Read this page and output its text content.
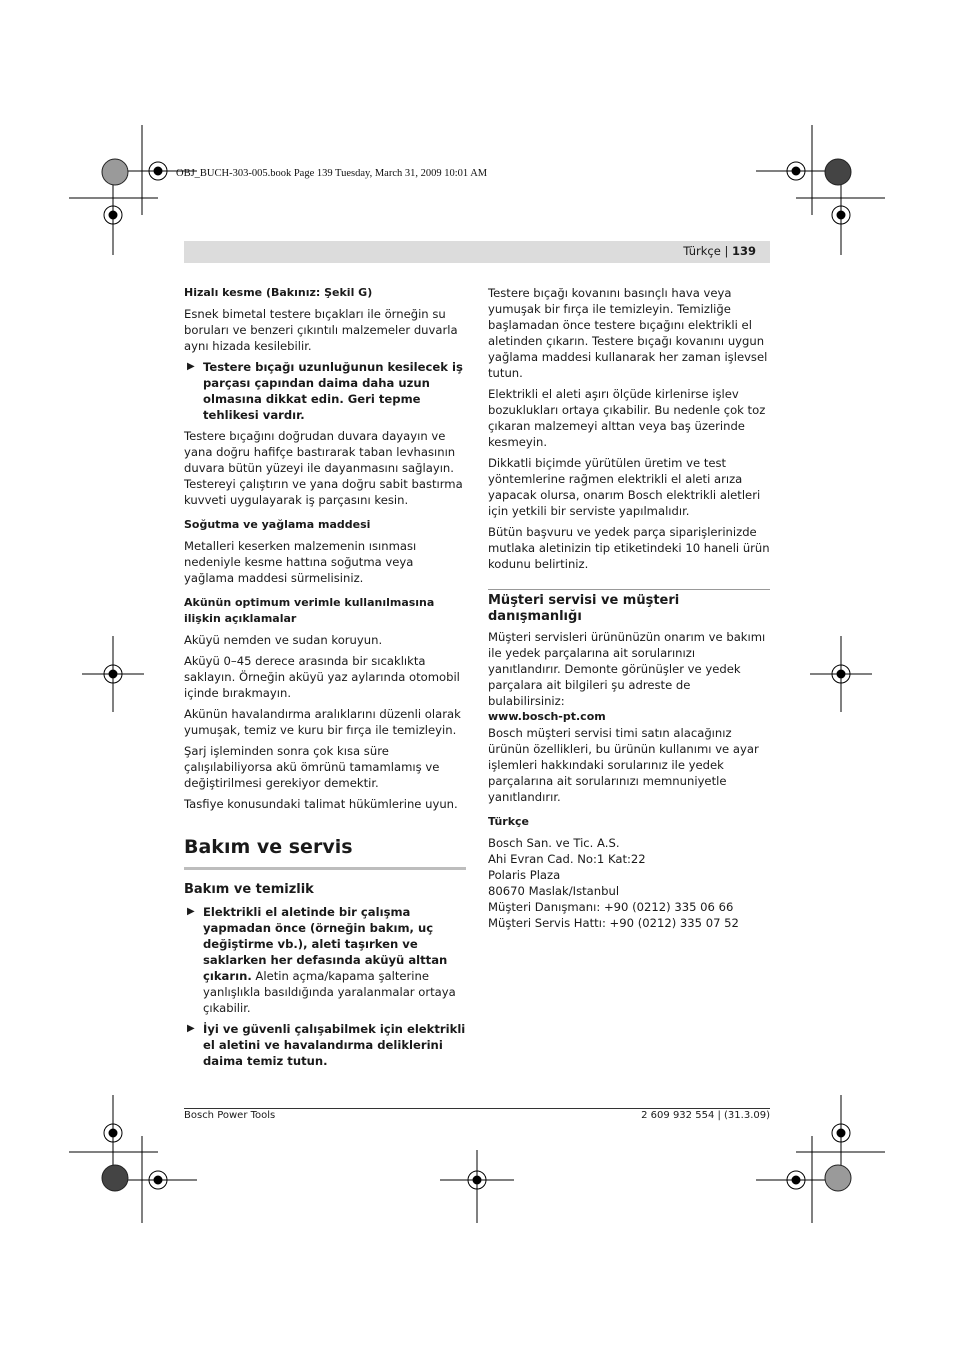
OBJ_BUCH-303-005.book Page 139 Tuesday, March 31, 2009 10:01 AM
Türkçe | 139
Hizalı kesme (Bakınız: Şekil G)

Esnek bimetal testere bıçakları ile örneğin su boruları ve benzeri çıkıntılı malzemeler duvarla aynı hizada kesilebilir.

▶ Testere bıçağı uzunluğunun kesilecek iş parçası çapından daima daha uzun olmasına dikkat edin. Geri tepme tehlikesi vardır.

Testere bıçağını doğrudan duvara dayayın ve yana doğru hafifçe bastırarak taban levhasının duvara bütün yüzeyi ile dayanmasını sağlayın. Testereyi çalıştırın ve yana doğru sabit bastırma kuvveti uygulayarak iş parçasını kesin.

Soğutma ve yağlama maddesi

Metalleri keserken malzemenin ısınması nedeniyle kesme hattına soğutma veya yağlama maddesi sürmelisiniz.

Akünün optimum verimle kullanılmasına ilişkin açıklamalar

Aküyü nemden ve sudan koruyun.

Aküyü 0–45 derece arasında bir sıcaklıkta saklayın. Örneğin aküyü yaz aylarında otomobil içinde bırakmayın.

Akünün havalandırma aralıklarını düzenli olarak yumuşak, temiz ve kuru bir fırça ile temizleyin.

Şarj işleminden sonra çok kısa süre çalışılabiliyorsa akü ömrünü tamamlamış ve değiştirilmesi gerekiyor demektir.

Tasfiye konusundaki talimat hükümlerine uyun.

Bakım ve servis
Bakım ve temizlik
▶ Elektrikli el aletinde bir çalışma yapmadan önce (örneğin bakım, uç değiştirme vb.), aleti taşırken ve saklarken her defasında aküyü alttan çıkarın. Aletin açma/kapama şalterine yanlışlıkla basıldığında yaralanmalar ortaya çıkabilir.
▶ İyi ve güvenli çalışabilmek için elektrikli el aletini ve havalandırma deliklerini daima temiz tutun.

Testere bıçağı kovanını basınçlı hava veya yumuşak bir fırça ile temizleyin. Temizliğe başlamadan önce testere bıçağını elektrikli el aletinden çıkarın. Testere bıçağı kovanını uygun yağlama maddesi kullanarak her zaman işlevsel tutun.

Elektrikli el aleti aşırı ölçüde kirlenirse işlev bozuklukları ortaya çıkabilir. Bu nedenle çok toz çıkaran malzemeyi alttan veya baş üzerinde kesmeyin.

Dikkatli biçimde yürütülen üretim ve test yöntemlerine rağmen elektrikli el aleti arıza yapacak olursa, onarım Bosch elektrikli aletleri için yetkili bir serviste yapılmalıdır.

Bütün başvuru ve yedek parça siparişlerinizde mutlaka aletinizin tip etiketindeki 10 haneli ürün kodunu belirtiniz.

Müşteri servisi ve müşteri danışmanlığı
Müşteri servisleri ürününüzün onarım ve bakımı ile yedek parçalarına ait sorularınızı yanıtlandırır. Demonte görünüşler ve yedek parçalara ait bilgileri şu adreste de bulabilirsiniz:
www.bosch-pt.com

Bosch müşteri servisi timi satın alacağınız ürünün özellikleri, bu ürünün kullanımı ve ayar işlemleri hakkındaki sorularınız ile yedek parçalarına ait sorularınızı memnuniyetle yanıtlandırır.

Türkçe
Bosch San. ve Tic. A.S.
Ahi Evran Cad. No:1 Kat:22
Polaris Plaza
80670 Maslak/Istanbul
Müşteri Danışmanı: +90 (0212) 335 06 66
Müşteri Servis Hattı: +90 (0212) 335 07 52
Bosch Power Tools	2 609 932 554 | (31.3.09)
